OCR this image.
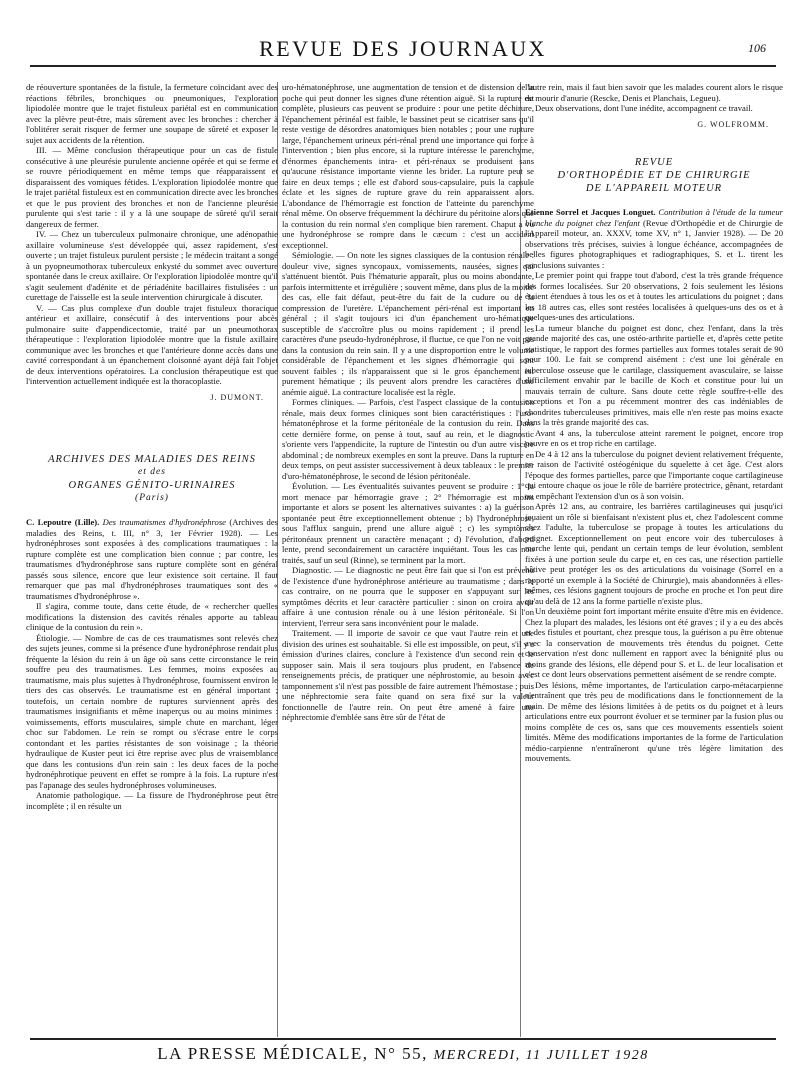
REVUE DES JOURNAUX	106

de réouverture spontanées de la fistule, la fermeture coïncidant avec des réactions fébriles, bronchiques ou pneumoniques, l'exploration lipiodolée montre que le trajet fistuleux pariétal est en communication avec la plèvre peut-être, mais sûrement avec les bronches : chercher à l'oblitérer serait risquer de fermer une soupape de sûreté et exposer le sujet aux accidents de la rétention.

III. — Même conclusion thérapeutique pour un cas de fistule consécutive à une pleurésie purulente ancienne opérée et qui se ferme et se rouvre périodiquement en même temps que réapparaissent et disparaissent des vomiques fétides. L'exploration lipiodolée montre que le trajet pariétal fistuleux est en communication directe avec les bronches et que le pus provient des bronches et non de l'ancienne pleurésie purulente qui s'est tarie : il y a là une soupape de sûreté qu'il serait dangereux de fermer.

IV. — Chez un tuberculeux pulmonaire chronique, une adénopathie axillaire volumineuse s'est développée qui, assez rapidement, s'est ouverte ; un trajet fistuleux purulent persiste ; le médecin traitant a songé à un pyopneumothorax tuberculeux enkysté du sommet avec ouverture spontanée dans le creux axillaire. Or l'exploration lipiodolée montre qu'il s'agit seulement d'adénite et de périadénite bacillaires fistulisées : un curettage de l'aisselle est la seule intervention chirurgicale à discuter.

V. — Cas plus complexe d'un double trajet fistuleux thoracique antérieur et axillaire, consécutif à des interventions pour abcès pulmonaire suite d'appendicectomie, traité par un pneumothorax thérapeutique : l'exploration lipiodolée montre que la fistule axillaire communique avec les bronches et que l'antérieure donne accès dans une cavité correspondant à un épanchement cloisonné ayant déjà fait l'objet de deux interventions opératoires. La conclusion thérapeutique est que l'intervention actuellement indiquée est la thoracoplastie.

J. DUMONT.
ARCHIVES DES MALADIES DES REINS
et des
ORGANES GÉNITO-URINAIRES
(Paris)

C. Lepoutre (Lille). Des traumatismes d'hydronéphrose (Archives des maladies des Reins, t. III, n° 3, 1er Février 1928). — Les hydronéphroses sont exposées à des complications traumatiques : la rupture complète est une complication bien connue ; par contre, les traumatismes d'hydronéphrose sans rupture complète sont en général passés sous silence, encore que leur existence soit certaine. Il faut remarquer que pas mal d'hydronéphroses traumatiques sont des « traumatismes d'hydronéphrose ».

Il s'agira, comme toute, dans cette étude, de « rechercher quelles modifications la distension des cavités rénales apporte au tableau clinique de la contusion du rein ».

Étiologie. — Nombre de cas de ces traumatismes sont relevés chez des sujets jeunes, comme si la présence d'une hydronéphrose rendait plus fréquente la lésion du rein à un âge où sans cette circonstance le rein souffre peu des traumatismes. Les femmes, moins exposées au traumatisme, mais plus sujettes à l'hydronéphrose, fournissent environ le tiers des cas observés. Le traumatisme est en général important ; toutefois, un certain nombre de ruptures surviennent après des traumatismes insignifiants et même inaperçus ou au moins minimes : voimissements, efforts musculaires, simple chute en marchant, léger choc sur l'abdomen. Le rein se rompt ou s'écrase entre le corps contondant et les parties résistantes de son voisinage ; la théorie hydraulique de Kuster peut ici être reprise avec plus de vraisemblance que dans les contusions d'un rein sain : les deux faces de la poche hydronéphrotique peuvent en effet se rompre à la fois. La rupture n'est pas l'apanage des seules hydronéphroses volumineuses.

Anatomie pathologique. — La fissure de l'hydronéphrose peut être incomplète ; il en résulte un

uro-hématonéphrose, une augmentation de tension et de distension de la poche qui peut donner les signes d'une rétention aiguë. Si la rupture est complète, plusieurs cas peuvent se produire : pour une petite déchirure, l'épanchement périnéal est faible, le bassinet peut se cicatriser sans qu'il reste vestige de désordres anatomiques bien notables ; pour une rupture large, l'épanchement urineux péri-rénal prend une importance qui force à l'intervention ; bien plus encore, si la rupture intéresse le parenchyme, d'énormes épanchements intra- et péri-rénaux se produisent sans qu'aucune résistance importante vienne les brider. La rupture peut se faire en deux temps ; elle est d'abord sous-capsulaire, puis la capsule éclate et les signes de rupture grave du rein apparaissent alors. L'abondance de l'hémorragie est fonction de l'atteinte du parenchyme rénal même. On observe fréquemment la déchirure du péritoine alors que la contusion du rein normal s'en complique bien rarement. Chaput a vu une hydronéphrose se rompre dans le cæcum : c'est un accident exceptionnel.

Sémiologie. — On note les signes classiques de la contusion rénale : douleur vive, signes syncopaux, vomissements, nausées, signes qui s'atténuent bientôt. Puis l'hématurie apparaît, plus ou moins abondante, parfois intermittente et irrégulière ; souvent même, dans plus de la moitié des cas, elle fait défaut, peut-être du fait de la cudure ou de la compression de l'uretère. L'épanchement péri-rénal est important en général ; il s'agit toujours ici d'un épanchement uro-hématique susceptible de s'accroître plus ou moins rapidement ; il prend les caractères d'une pseudo-hydronéphrose, il fluctue, ce que l'on ne voit pas dans la contusion du rein sain. Il y a une disproportion entre le volume considérable de l'épanchement et les signes d'hémorragie qui sont souvent faibles ; ils n'apparaissent que si le gros épanchement est purement hématique ; ils peuvent alors prendre les caractères d'une anémie aiguë. La contracture localisée est la règle.

Formes cliniques. — Parfois, c'est l'aspect classique de la contusion rénale, mais deux formes cliniques sont bien caractéristiques : l'uro-hématonéphrose et la forme péritonéale de la contusion du rein. Dans cette dernière forme, on pense à tout, sauf au rein, et le diagnostic s'oriente vers l'appendicite, la rupture de l'intestin ou d'un autre viscère abdominal ; de nombreux exemples en sont la preuve. Dans la rupture en deux temps, on peut assister successivement à deux tableaux : le premier d'uro-hématonéphrose, le second de lésion péritonéale.

Évolution. — Les éventualités suivantes peuvent se produire : 1° la mort menace par hémorragie grave ; 2° l'hémorragie est moins importante et alors se posent les alternatives suivantes : a) la guérison spontanée peut être exceptionnellement obtenue ; b) l'hydronéphrose, sous l'afflux sanguin, prend une allure aiguë ; c) les symptômes péritonéaux prennent un caractère menaçant ; d) l'évolution, d'abord lente, prend secondairement un caractère inquiétant. Tous les cas non traités, sauf un seul (Rinne), se terminent par la mort.

Diagnostic. — Le diagnostic ne peut être fait que si l'on est prévenu de l'existence d'une hydronéphrose antérieure au traumatisme ; dans le cas contraire, on ne pourra que le supposer en s'appuyant sur les symptômes décrits et leur caractère particulier : sinon on croira avoir affaire à une contusion rénale ou à une lésion péritonéale. Si l'on intervient, l'erreur sera sans inconvénient pour le malade.

Traitement. — Il importe de savoir ce que vaut l'autre rein et une division des urines est souhaitable. Si elle est impossible, on peut, s'il y a émission d'urines claires, conclure à l'existence d'un second rein et le supposer sain. Mais il sera toujours plus prudent, en l'absence de renseignements précis, de pratiquer une néphrostomie, au besoin avec tamponnement s'il n'est pas possible de faire autrement l'hémostase ; puis une néphrectomie sera faite quand on sera fixé sur la valeur fonctionnelle de l'autre rein. On peut être amené à faire une néphrectomie d'emblée sans être sûr de l'état de

l'autre rein, mais il faut bien savoir que les malades courent alors le risque de mourir d'anurie (Rescke, Denis et Planchais, Legueu).

Deux observations, dont l'une inédite, accompagnent ce travail.

G. WOLFROMM.
REVUE
D'ORTHOPÉDIE ET DE CHIRURGIE
DE L'APPAREIL MOTEUR

Etienne Sorrel et Jacques Longuet. Contribution à l'étude de la tumeur blanche du poignet chez l'enfant (Revue d'Orthopédie et de Chirurgie de l'Appareil moteur, an. XXXV, tome XV, n° 1, Janvier 1928). — De 20 observations très précises, suivies à longue échéance, accompagnées de belles figures photographiques et radiographiques, S. et L. tirent les conclusions suivantes :

Le premier point qui frappe tout d'abord, c'est la très grande fréquence des formes localisées. Sur 20 observations, 2 fois seulement les lésions étaient étendues à tous les os et à toutes les articulations du poignet ; dans les 18 autres cas, elles sont restées localisées à quelques-uns des os et à quelques-unes des articulations.

La tumeur blanche du poignet est donc, chez l'enfant, dans la très grande majorité des cas, une ostéo-arthrite partielle et, d'après cette petite statistique, le rapport des formes partielles aux formes totales serait de 90 pour 100. Le fait se comprend aisément : c'est une loi générale en tuberculose osseuse que le cartilage, classiquement avasculaire, se laisse difficilement envahir par le bacille de Koch et constitue pour lui un mauvais terrain de culture. Sans doute cette règle souffre-t-elle des exceptions et l'on a pu récemment montrer des cas indéniables de chondrites tuberculeuses primitives, mais elle n'en reste pas moins exacte dans la très grande majorité des cas.

Avant 4 ans, la tuberculose atteint rarement le poignet, encore trop pauvre en os et trop riche en cartilage.

De 4 à 12 ans la tuberculose du poignet devient relativement fréquente, en raison de l'activité ostéogénique du squelette à cet âge. C'est alors l'époque des formes partielles, parce que l'importante coque cartilagineuse qui entoure chaque os joue le rôle de barrière protectrice, gênant, retardant ou empêchant l'extension d'un os à son voisin.

Après 12 ans, au contraire, les barrières cartilagineuses qui jusqu'ici jouaient un rôle si bienfaisant n'existent plus et, chez l'adolescent comme chez l'adulte, la tuberculose se propage à toutes les articulations du poignet. Exceptionnellement on peut encore voir des tuberculoses à marche lente qui, pendant un certain temps de leur évolution, semblent fixées à une portion seule du carpe et, en ces cas, une résection partielle hâtive peut protéger les os des articulations du voisinage (Sorrel en a rapporté un exemple à la Société de Chirurgie), mais abandonnées à elles-mêmes, ces lésions gagnent toujours de proche en proche et l'on peut dire qu'au delà de 12 ans la forme partielle n'existe plus.

Un deuxième point fort important mérite ensuite d'être mis en évidence. Chez la plupart des malades, les lésions ont été graves ; il y a eu des abcès et des fistules et pourtant, chez presque tous, la guérison a pu être obtenue avec la conservation de mouvements très étendus du poignet. Cette conservation n'est donc nullement en rapport avec la bénignité plus ou moins grande des lésions, elle dépend pour S. et L. de leur localisation et c'est ce dont leurs observations permettent aisément de se rendre compte.

Des lésions, même importantes, de l'articulation carpo-métacarpienne n'entraînent que très peu de modifications dans le fonctionnement de la main. De même des lésions limitées à de petits os du poignet et à leurs articulations entre eux pourront évoluer et se terminer par la fusion plus ou moins complète de ces os, sans que ces mouvements essentiels soient limités. Même des modifications importantes de la forme de l'articulation médio-carpienne n'entraîneront qu'une très légère limitation des mouvements.

LA PRESSE MÉDICALE, N° 55, MERCREDI, 11 JUILLET 1928
